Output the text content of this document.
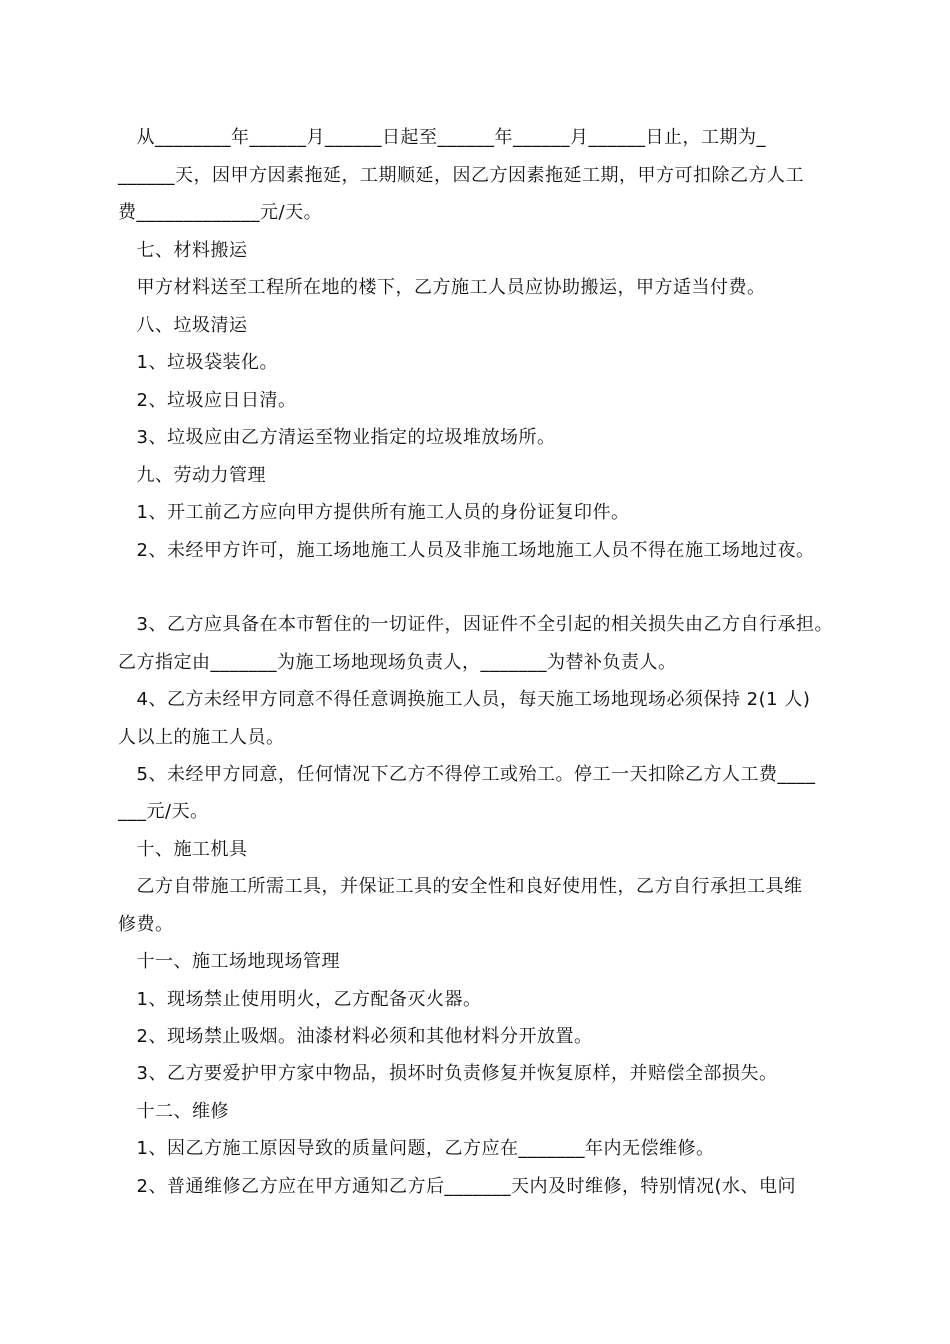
　从________年______月______日起至______年______月______日止，工期为_
______天，因甲方因素拖延，工期顺延，因乙方因素拖延工期，甲方可扣除乙方人工
费_____________元/天。
　七、材料搬运
　甲方材料送至工程所在地的楼下，乙方施工人员应协助搬运，甲方适当付费。
　八、垃圾清运
　1、垃圾袋装化。
　2、垃圾应日日清。
　3、垃圾应由乙方清运至物业指定的垃圾堆放场所。
　九、劳动力管理
　1、开工前乙方应向甲方提供所有施工人员的身份证复印件。
　2、未经甲方许可，施工场地施工人员及非施工场地施工人员不得在施工场地过夜。
　3、乙方应具备在本市暂住的一切证件，因证件不全引起的相关损失由乙方自行承担。
乙方指定由_______为施工场地现场负责人，_______为替补负责人。
　4、乙方未经甲方同意不得任意调换施工人员，每天施工场地现场必须保持 2(1 人)
人以上的施工人员。
　5、未经甲方同意，任何情况下乙方不得停工或殆工。停工一天扣除乙方人工费____
___元/天。
　十、施工机具
　乙方自带施工所需工具，并保证工具的安全性和良好使用性，乙方自行承担工具维
修费。
　十一、施工场地现场管理
　1、现场禁止使用明火，乙方配备灭火器。
　2、现场禁止吸烟。油漆材料必须和其他材料分开放置。
　3、乙方要爱护甲方家中物品，损坏时负责修复并恢复原样，并赔偿全部损失。
　十二、维修
　1、因乙方施工原因导致的质量问题，乙方应在_______年内无偿维修。
　2、普通维修乙方应在甲方通知乙方后_______天内及时维修，特别情况(水、电问
